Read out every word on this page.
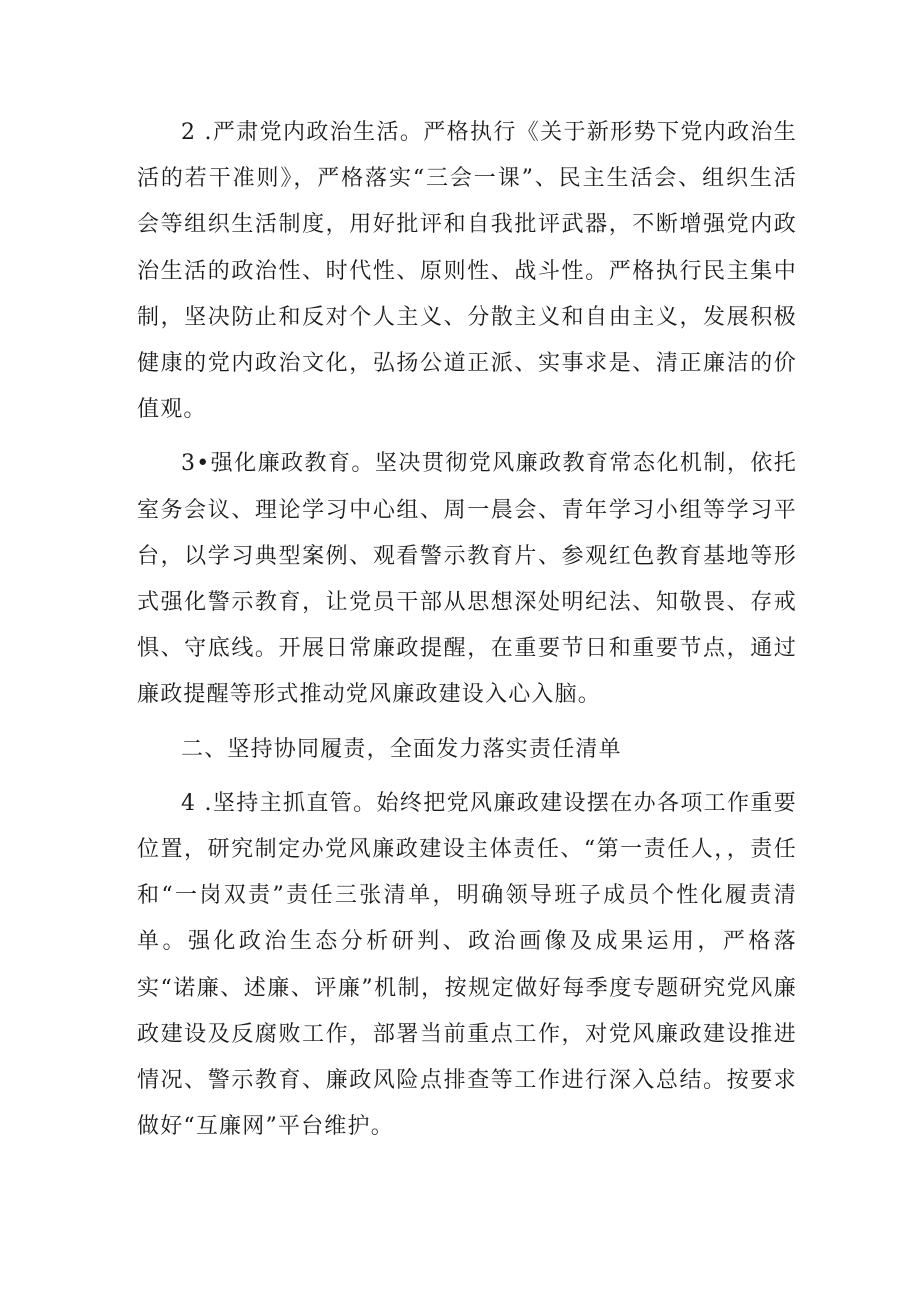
2 .严肃党内政治生活。严格执行《关于新形势下党内政治生活的若干准则》，严格落实“三会一课”、民主生活会、组织生活会等组织生活制度，用好批评和自我批评武器，不断增强党内政治生活的政治性、时代性、原则性、战斗性。严格执行民主集中制，坚决防止和反对个人主义、分散主义和自由主义，发展积极健康的党内政治文化，弘扬公道正派、实事求是、清正廉洁的价值观。

3•强化廉政教育。坚决贯彻党风廉政教育常态化机制，依托室务会议、理论学习中心组、周一晨会、青年学习小组等学习平台，以学习典型案例、观看警示教育片、参观红色教育基地等形式强化警示教育，让党员干部从思想深处明纪法、知敬畏、存戒惧、守底线。开展日常廉政提醒，在重要节日和重要节点，通过廉政提醒等形式推动党风廉政建设入心入脑。

二、坚持协同履责，全面发力落实责任清单

4 .坚持主抓直管。始终把党风廉政建设摆在办各项工作重要位置，研究制定办党风廉政建设主体责任、“第一责任人，，责任和“一岗双责”责任三张清单，明确领导班子成员个性化履责清单。强化政治生态分析研判、政治画像及成果运用，严格落实“诺廉、述廉、评廉”机制，按规定做好每季度专题研究党风廉政建设及反腐败工作，部署当前重点工作，对党风廉政建设推进情况、警示教育、廉政风险点排查等工作进行深入总结。按要求做好“互廉网”平台维护。
